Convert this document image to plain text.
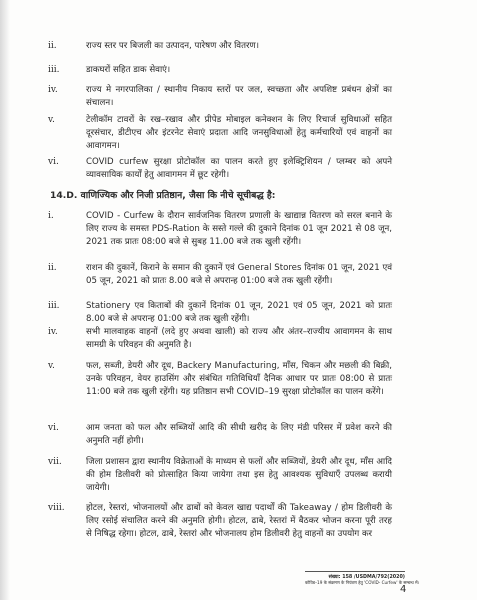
ii.	राज्य स्तर पर बिजली का उत्पादन, पारेषण और वितरण।
iii.	डाकघरों सहित डाक सेवाएं।
iv.	राज्य मे नगरपालिका / स्थानीय निकाय स्तरों पर जल, स्वच्छता और अपशिष्ट प्रबंधन क्षेत्रों का संचालन।
v.	टेलीकॉम टावरों के रख–रखाव और प्रीपेड मोबाइल कनेक्शन के लिए रिचार्ज सुविधाओं सहित दूरसंचार, डीटीएच और इंटरनेट सेवाएं प्रदाता आदि जनसुविधाओं हेतु कर्मचारियों एवं वाहनों का आवागमन।
vi.	COVID curfew सुरक्षा प्रोटोकॉल का पालन करते हुए इलेक्ट्रिशियन / प्लम्बर को अपने व्यावसायिक कार्यों हेतु आवागमन में छूट रहेगी।
14.D. वाणिज्यिक और निजी प्रतिष्ठान, जैसा कि नीचे सूचीबद्ध है:
i.	COVID - Curfew के दौरान सार्वजनिक वितरण प्रणाली के खाद्यान्न वितरण को सरल बनाने के लिए राज्य के समस्त PDS-Ration के सस्ते गल्ले की दुकाने दिनांक 01 जून 2021 से 08 जून, 2021 तक प्रातः 08:00 बजे से सुबह 11.00 बजे तक खुली रहेंगी।
ii.	राशन की दुकानें, किराने के समान की दुकानें एवं General Stores दिनांक 01 जून, 2021 एवं 05 जून, 2021 को प्रातः 8.00 बजे से अपरान्ह 01:00 बजे तक खुली रहेंगी।
iii.	Stationery एव किताबों की दुकानें दिनांक 01 जून, 2021 एवं 05 जून, 2021 को प्रातः 8.00 बजे से अपरान्ह 01:00 बजे तक खुली रहेंगी।
iv.	सभी मालवाहक वाहनों (लदे हुए अथवा खाली) को राज्य और अंतर–राज्यीय आवागमन के साथ सामग्री के परिवहन की अनुमति है।
v.	फल, सब्जी, डेयरी और दूध, Backery Manufacturing, माँस, चिकन और मछली की बिक्री, उनके परिवहन, वेयर हाउसिंग और संबंधित गतिविधियाँ दैनिक आधार पर प्रातः 08:00 से प्रातः 11:00 बजे तक खुली रहेंगी। यह प्रतिष्ठान सभी COVID–19 सुरक्षा प्रोटोकॉल का पालन करेंगे।
vi.	आम जनता को फल और सब्जियों आदि की सीधी खरीद के लिए मंडी परिसर में प्रवेश करने की अनुमति नहीं होगी।
vii.	जिला प्रशासन द्वारा स्थानीय विक्रेताओं के माध्यम से फलों और सब्जियों, डेयरी और दूध, माँस आदि की होम डिलीवरी को प्रोत्साहित किया जायेगा तथा इस हेतु आवश्यक सुविधाएँ उपलब्ध करायी जायेगी।
viii.	होटल, रेस्तरां, भोजनालयों और ढाबों को केवल खाद्य पदार्थों की Takeaway / होम डिलीवरी के लिए रसोई संचालित करने की अनुमति होगी। होटल, ढाबे, रेस्तरां में बैठकर भोजन करना पूरी तरह से निषिद्ध रहेगा। होटल, ढाबे, रेस्तरां और भोजनालय होम डिलीवरी हेतु वाहनों का उपयोग कर
संख्या: 158 /USDMA/792(2020)
कोविड–19 के संक्रमण के नियंत्रण हेतु 'COVID- Curfew' के सम्बन्ध में।
4
